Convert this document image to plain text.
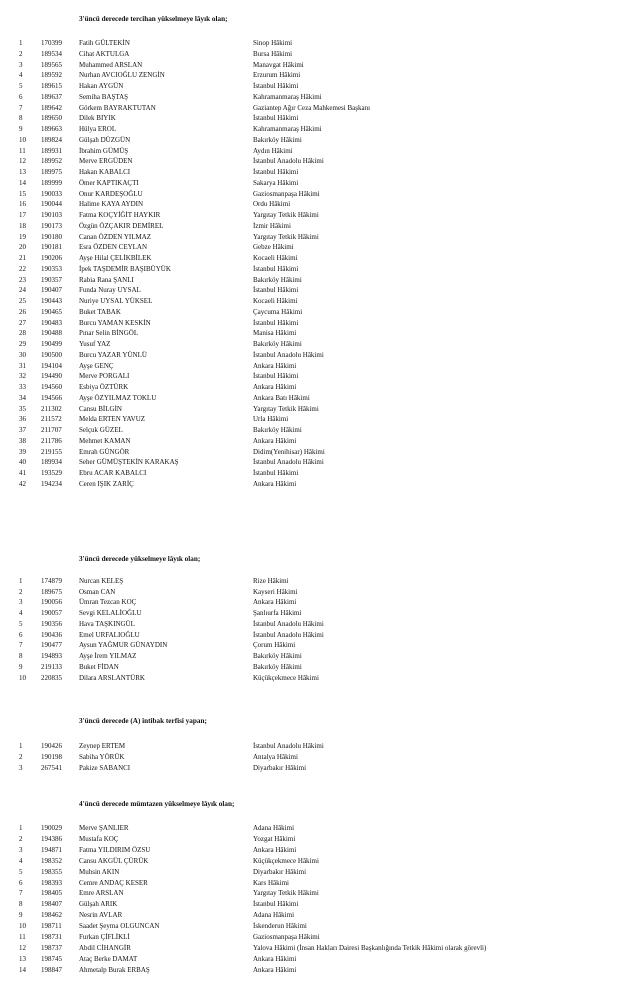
3'üncü derecede tercihan yükselmeye lâyık olan;
1	170399 Fatih GÜLTEKİN	Sinop Hâkimi
2	189534 Cihat AKTULGA	Bursa Hâkimi
3	189565 Muhammed ARSLAN	Manavgat Hâkimi
4	189592 Nurhan AVCIOĞLU ZENGİN	Erzurum Hâkimi
5	189615 Hakan AYGÜN	İstanbul Hâkimi
6	189637 Semiha BAŞTAŞ	Kahramanmaraş Hâkimi
7	189642 Görkem BAYRAKTUTAN	Gaziantep Ağır Ceza Mahkemesi Başkanı
8	189650 Dilek BIYIK	İstanbul Hâkimi
9	189663 Hülya EROL	Kahramanmaraş Hâkimi
10 189824 Gülşah DÜZGÜN	Bakırköy Hâkimi
11 189931 İbrahim GÜMÜŞ	Aydın Hâkimi
12 189952 Merve ERGÜDEN	İstanbul Anadolu Hâkimi
13 189975 Hakan KABALCI	İstanbul Hâkimi
14 189999 Ömer KAPTIKAÇTI	Sakarya Hâkimi
15 190033 Onur KARDEŞOĞLU	Gaziosmanpaşa Hâkimi
16 190044 Halime KAYA AYDIN	Ordu Hâkimi
17 190103 Fatma KOÇYİĞİT HAYKIR	Yargıtay Tetkik Hâkimi
18 190173 Özgün ÖZÇAKIR DEMİREL	İzmir Hâkimi
19 190180 Canan ÖZDEN YILMAZ	Yargıtay Tetkik Hâkimi
20 190181 Esra ÖZDEN CEYLAN	Gebze Hâkimi
21 190206 Ayşe Hilal ÇELİKBİLEK	Kocaeli Hâkimi
22 190353 İpek TAŞDEMİR BAŞIBÜYÜK	İstanbul Hâkimi
23 190357 Rabia Rana ŞANLI	Bakırköy Hâkimi
24 190407 Funda Nuray UYSAL	İstanbul Hâkimi
25 190443 Nuriye UYSAL YÜKSEL	Kocaeli Hâkimi
26 190465 Buket TABAK	Çaycuma Hâkimi
27 190483 Burcu YAMAN KESKİN	İstanbul Hâkimi
28 190488 Pınar Selin BİNGÖL	Manisa Hâkimi
29 190499 Yusuf YAZ	Bakırköy Hâkimi
30 190500 Burcu YAZAR YÜNLÜ	İstanbul Anadolu Hâkimi
31 194104 Ayşe GENÇ	Ankara Hâkimi
32 194490 Merve PORGALI	İstanbul Hâkimi
33 194560 Esbiya ÖZTÜRK	Ankara Hâkimi
34 194566 Ayşe ÖZYILMAZ TOKLU	Ankara Batı Hâkimi
35 211302 Cansu BİLGİN	Yargıtay Tetkik Hâkimi
36 211572 Melda ERTEN YAVUZ	Urla Hâkimi
37 211707 Selçuk GÜZEL	Bakırköy Hâkimi
38 211786 Mehmet KAMAN	Ankara Hâkimi
39 219155 Emrah GÜNGÖR	Didim(Yenihisar) Hâkimi
40 189934 Seher GÜMÜŞTEKİN KARAKAŞ	İstanbul Anadolu Hâkimi
41 193529 Ebru ACAR KABALCI	İstanbul Hâkimi
42 194234 Ceren IŞIK ZARİÇ	Ankara Hâkimi
3'üncü derecede yükselmeye lâyık olan;
1	174879 Nurcan KELEŞ	Rize Hâkimi
2	189675 Osman CAN	Kayseri Hâkimi
3	190056 Ümran Tezcan KOÇ	Ankara Hâkimi
4	190057 Sevgi KELALİOĞLU	Şanlıurfa Hâkimi
5	190356 Hava TAŞKINGÜL	İstanbul Anadolu Hâkimi
6	190436 Emel URFALIOĞLU	İstanbul Anadolu Hâkimi
7	190477 Aysun YAĞMUR GÜNAYDIN	Çorum Hâkimi
8	194893 Ayşe İrem YILMAZ	Bakırköy Hâkimi
9	219133 Buket FİDAN	Bakırköy Hâkimi
10 220835 Dilara ARSLANTÜRK	Küçükçekmece Hâkimi
3'üncü derecede (A) intibak terfisi yapan;
1	190426 Zeynep ERTEM	İstanbul Anadolu Hâkimi
2	190198 Sabiha YÖRÜK	Antalya Hâkimi
3	267541 Pakize SABANCI	Diyarbakır Hâkimi
4'üncü derecede mümtazen yükselmeye lâyık olan;
1	190029 Merve ŞANLIER	Adana Hâkimi
2	194386 Mustafa KOÇ	Yozgat Hâkimi
3	194871 Fatma YILDIRIM ÖZSU	Ankara Hâkimi
4	198352 Cansu AKGÜL ÇÜRÜK	Küçükçekmece Hâkimi
5	198355 Muhsin AKIN	Diyarbakır Hâkimi
6	198393 Cemre ANDAÇ KESER	Kars Hâkimi
7	198405 Emre ARSLAN	Yargıtay Tetkik Hâkimi
8	198407 Gülşah ARIK	İstanbul Hâkimi
9	198462 Nesrin AVLAR	Adana Hâkimi
10 198711 Saadet Şeyma OLGUNCAN	İskenderun Hâkimi
11 198731 Furkan ÇİFLİKLİ	Gaziosmanpaşa Hâkimi
12 198737 Abdil CİHANGİR	Yalova Hâkimi (İnsan Hakları Dairesi Başkanlığında Tetkik Hâkimi olarak görevli)
13 198745 Ataç Berke DAMAT	Ankara Hâkimi
14 198847 Ahmetalp Burak ERBAŞ	Ankara Hâkimi
